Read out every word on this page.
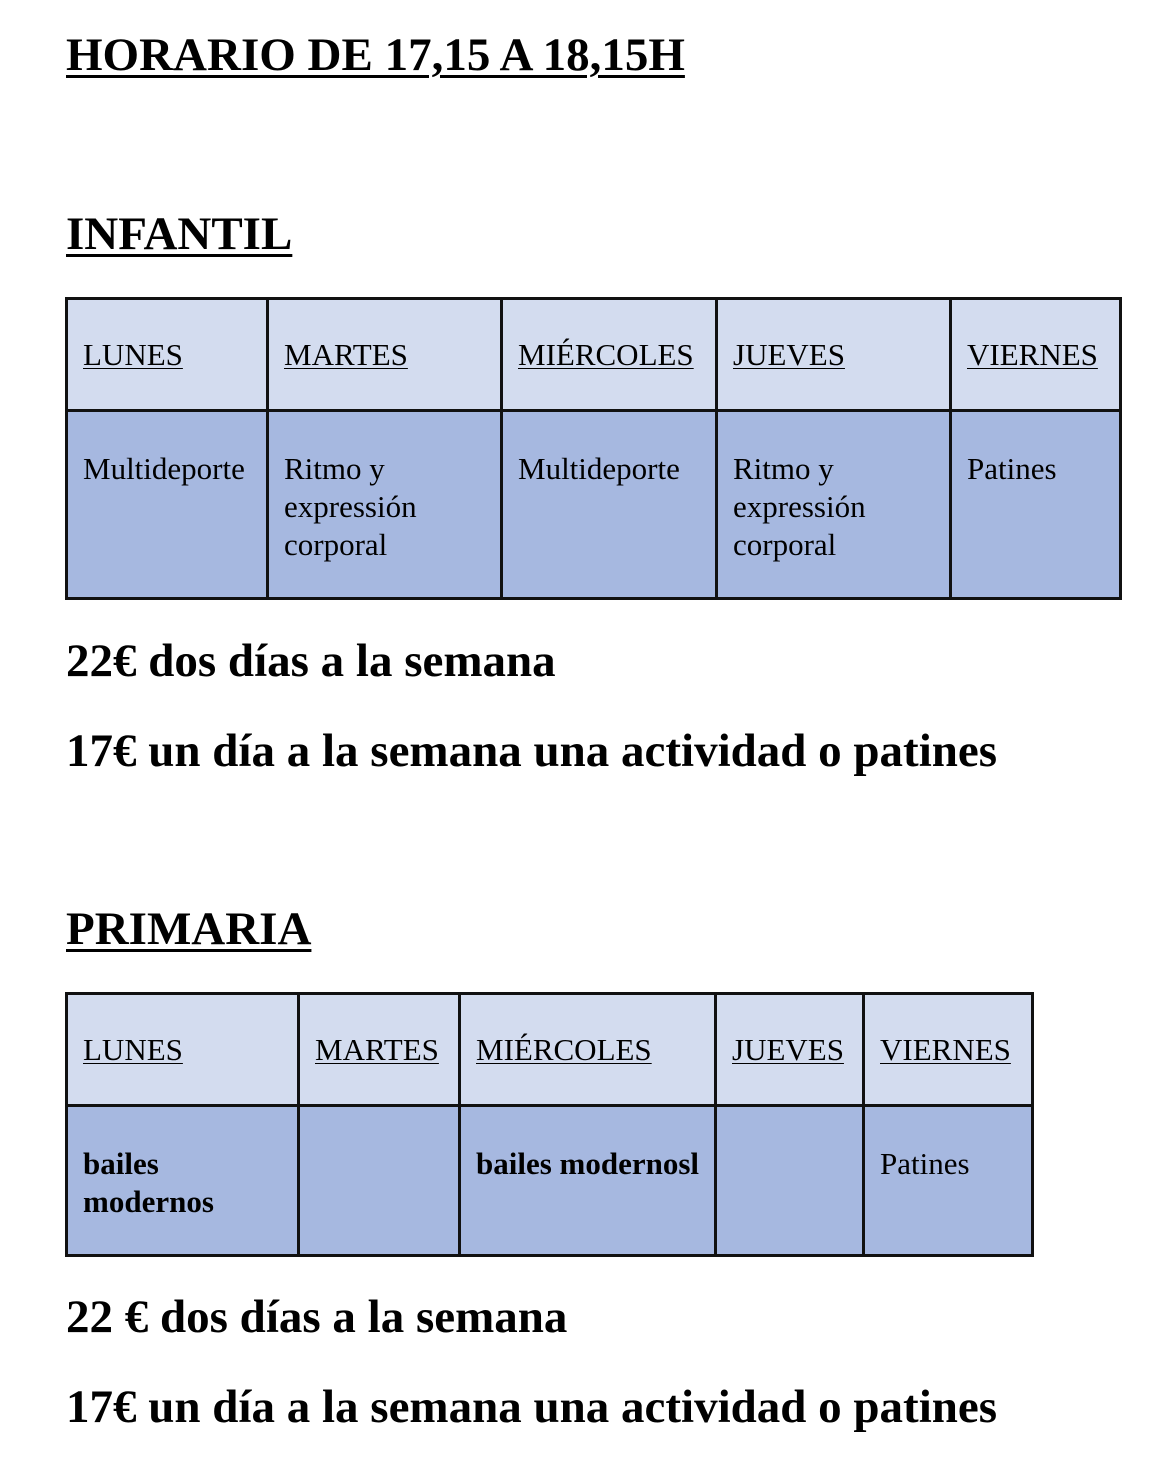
HORARIO DE 17,15 A 18,15H
INFANTIL
LUNES	MARTES	MIÉRCOLES	JUEVES	VIERNES
Multideporte	Ritmo y expressión corporal	Multideporte	Ritmo y expressión corporal	Patines

22€ dos días a la semana

17€ un día a la semana una actividad o patines

PRIMARIA
LUNES	MARTES	MIÉRCOLES	JUEVES	VIERNES
bailes modernos		bailes modernosl		Patines

22 € dos días a la semana

17€ un día a la semana una actividad o patines
